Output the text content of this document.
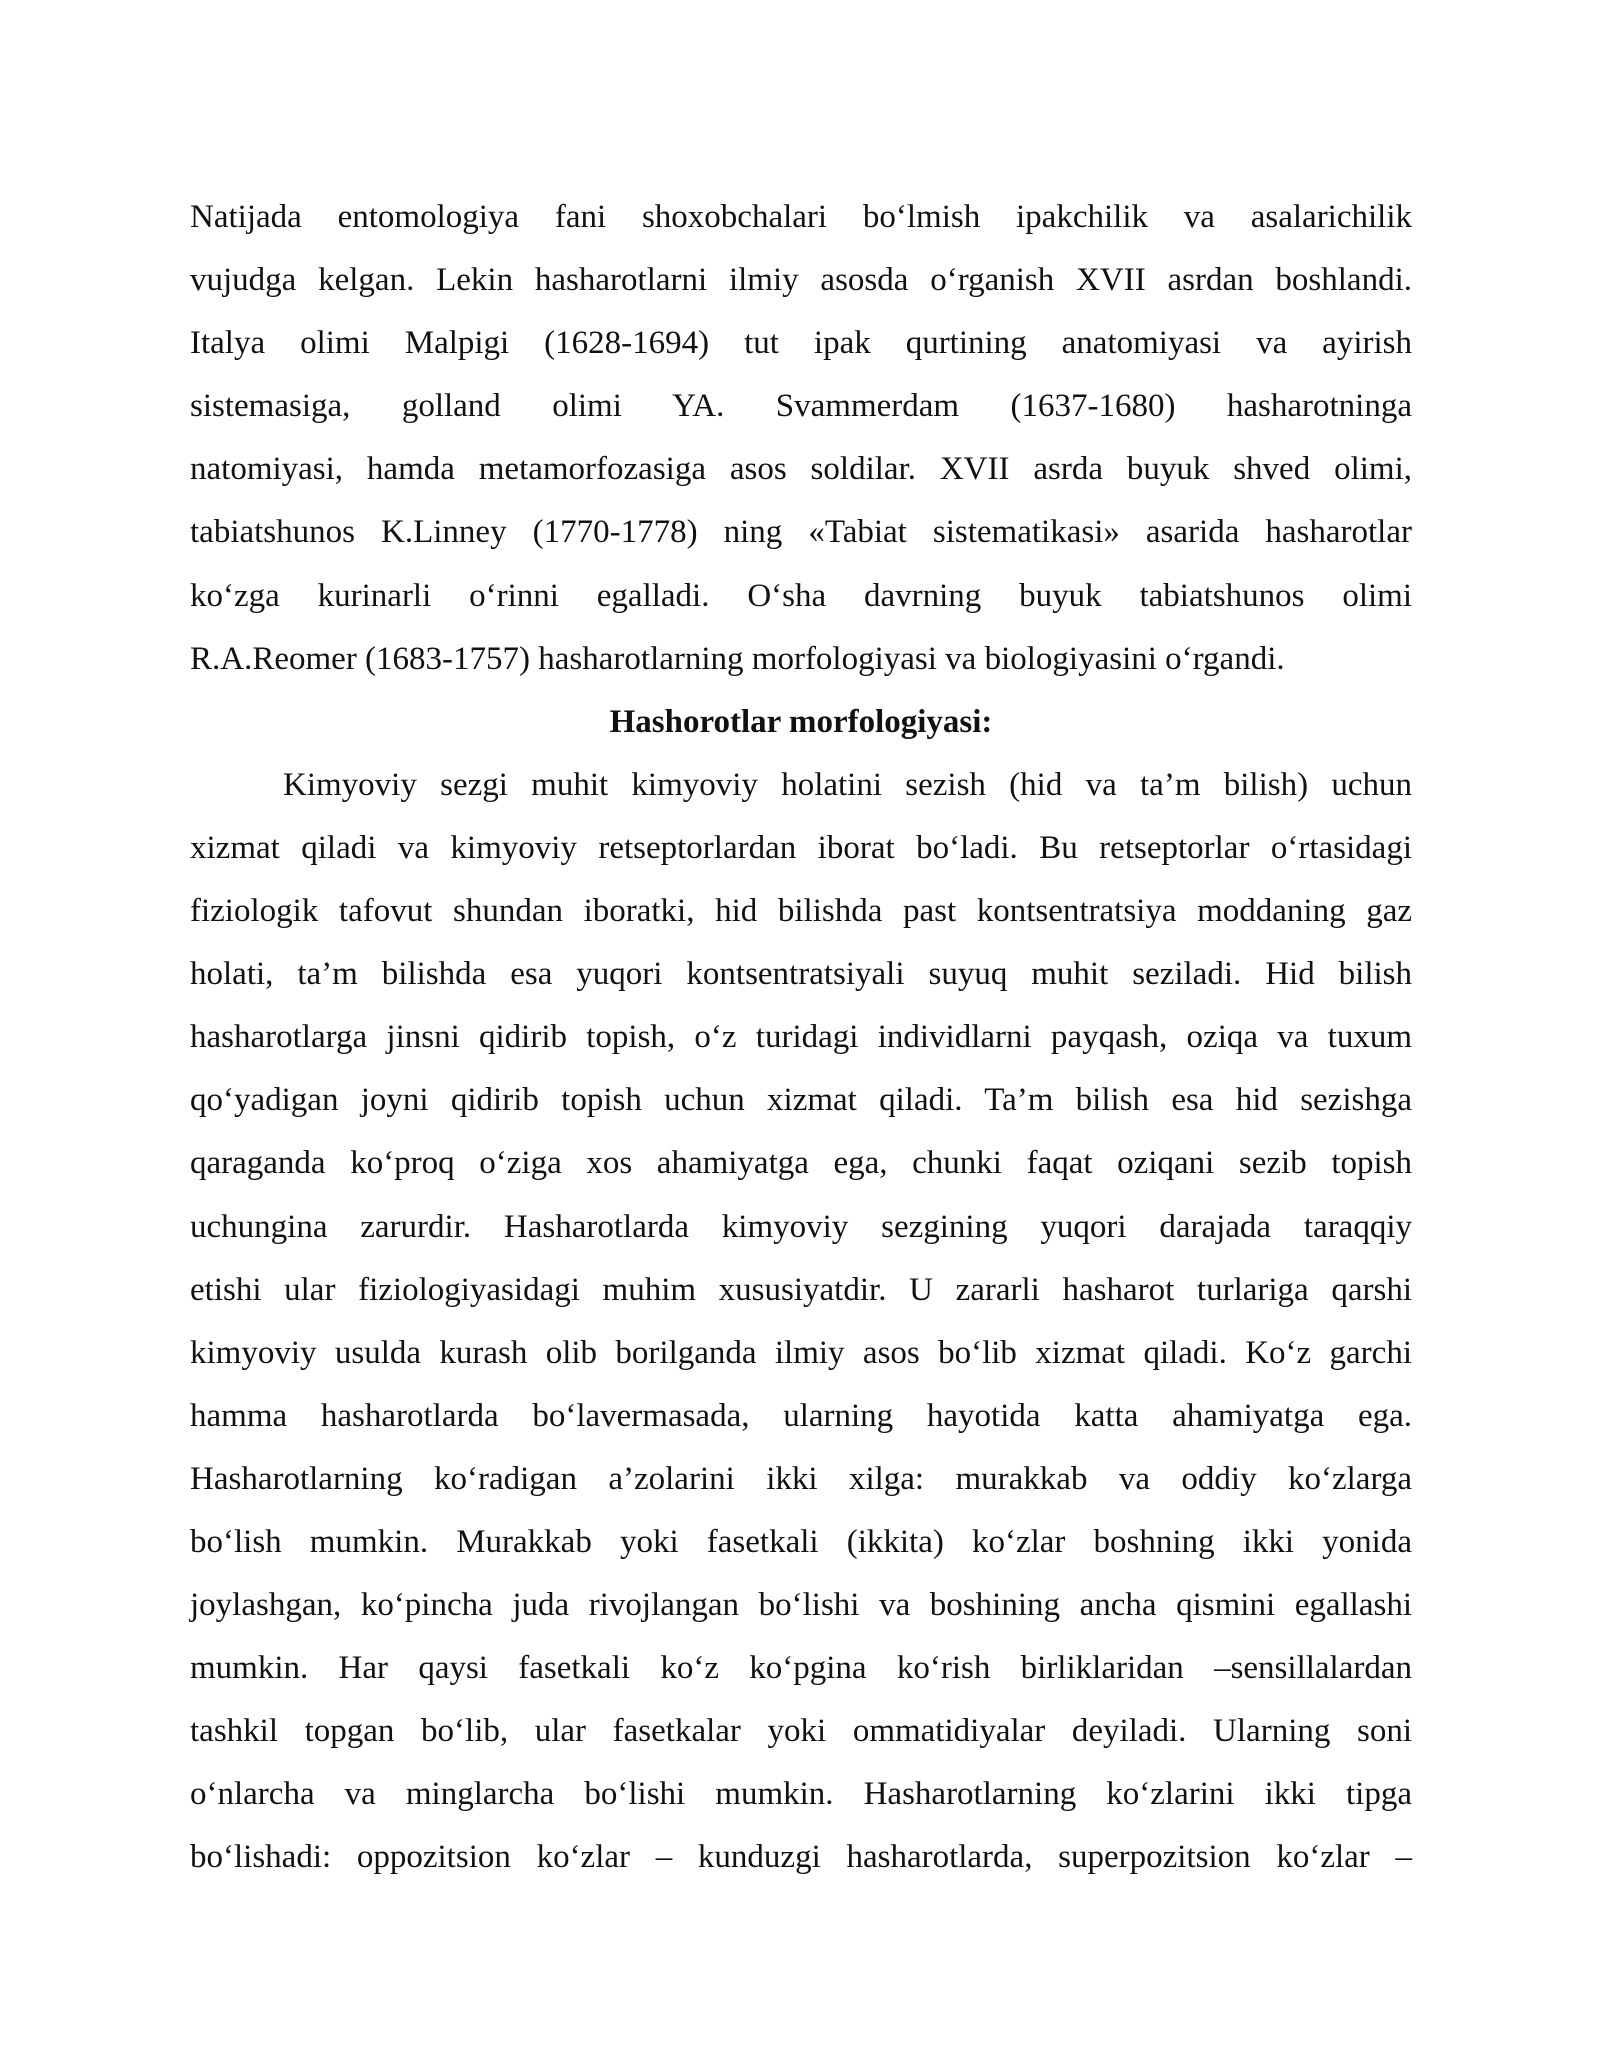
Natijada entomologiya fani shoxobchalari bo‘lmish ipakchilik va asalarichilik
vujudga kelgan. Lekin hasharotlarni ilmiy asosda o‘rganish XVII asrdan boshlandi.
Italya olimi Malpigi (1628-1694) tut ipak qurtining anatomiyasi va ayirish
sistemasiga, golland olimi YA. Svammerdam (1637-1680) hasharotninga
natomiyasi, hamda metamorfozasiga asos soldilar. XVII asrda buyuk shved olimi,
tabiatshunos K.Linney (1770-1778) ning «Tabiat sistematikasi» asarida hasharotlar
ko‘zga kurinarli o‘rinni egalladi. O‘sha davrning buyuk tabiatshunos olimi
R.A.Reomer (1683-1757) hasharotlarning morfologiyasi va biologiyasini o‘rgandi.
Hashorotlar morfologiyasi:
Kimyoviy sezgi muhit kimyoviy holatini sezish (hid va ta’m bilish) uchun
xizmat qiladi va kimyoviy retseptorlardan iborat bo‘ladi. Bu retseptorlar o‘rtasidagi
fiziologik tafovut shundan iboratki, hid bilishda past kontsentratsiya moddaning gaz
holati, ta’m bilishda esa yuqori kontsentratsiyali suyuq muhit seziladi. Hid bilish
hasharotlarga jinsni qidirib topish, o‘z turidagi individlarni payqash, oziqa va tuxum
qo‘yadigan joyni qidirib topish uchun xizmat qiladi. Ta’m bilish esa hid sezishga
qaraganda ko‘proq o‘ziga xos ahamiyatga ega, chunki faqat oziqani sezib topish
uchungina zarurdir. Hasharotlarda kimyoviy sezgining yuqori darajada taraqqiy
etishi ular fiziologiyasidagi muhim xususiyatdir. U zararli hasharot turlariga qarshi
kimyoviy usulda kurash olib borilganda ilmiy asos bo‘lib xizmat qiladi. Ko‘z garchi
hamma hasharotlarda bo‘lavermasada, ularning hayotida katta ahamiyatga ega.
Hasharotlarning ko‘radigan a’zolarini ikki xilga: murakkab va oddiy ko‘zlarga
bo‘lish mumkin. Murakkab yoki fasetkali (ikkita) ko‘zlar boshning ikki yonida
joylashgan, ko‘pincha juda rivojlangan bo‘lishi va boshining ancha qismini egallashi
mumkin. Har qaysi fasetkali ko‘z ko‘pgina ko‘rish birliklaridan –sensillalardan
tashkil topgan bo‘lib, ular fasetkalar yoki ommatidiyalar deyiladi. Ularning soni
o‘nlarcha va minglarcha bo‘lishi mumkin. Hasharotlarning ko‘zlarini ikki tipga
bo‘lishadi: oppozitsion ko‘zlar – kunduzgi hasharotlarda, superpozitsion ko‘zlar –
